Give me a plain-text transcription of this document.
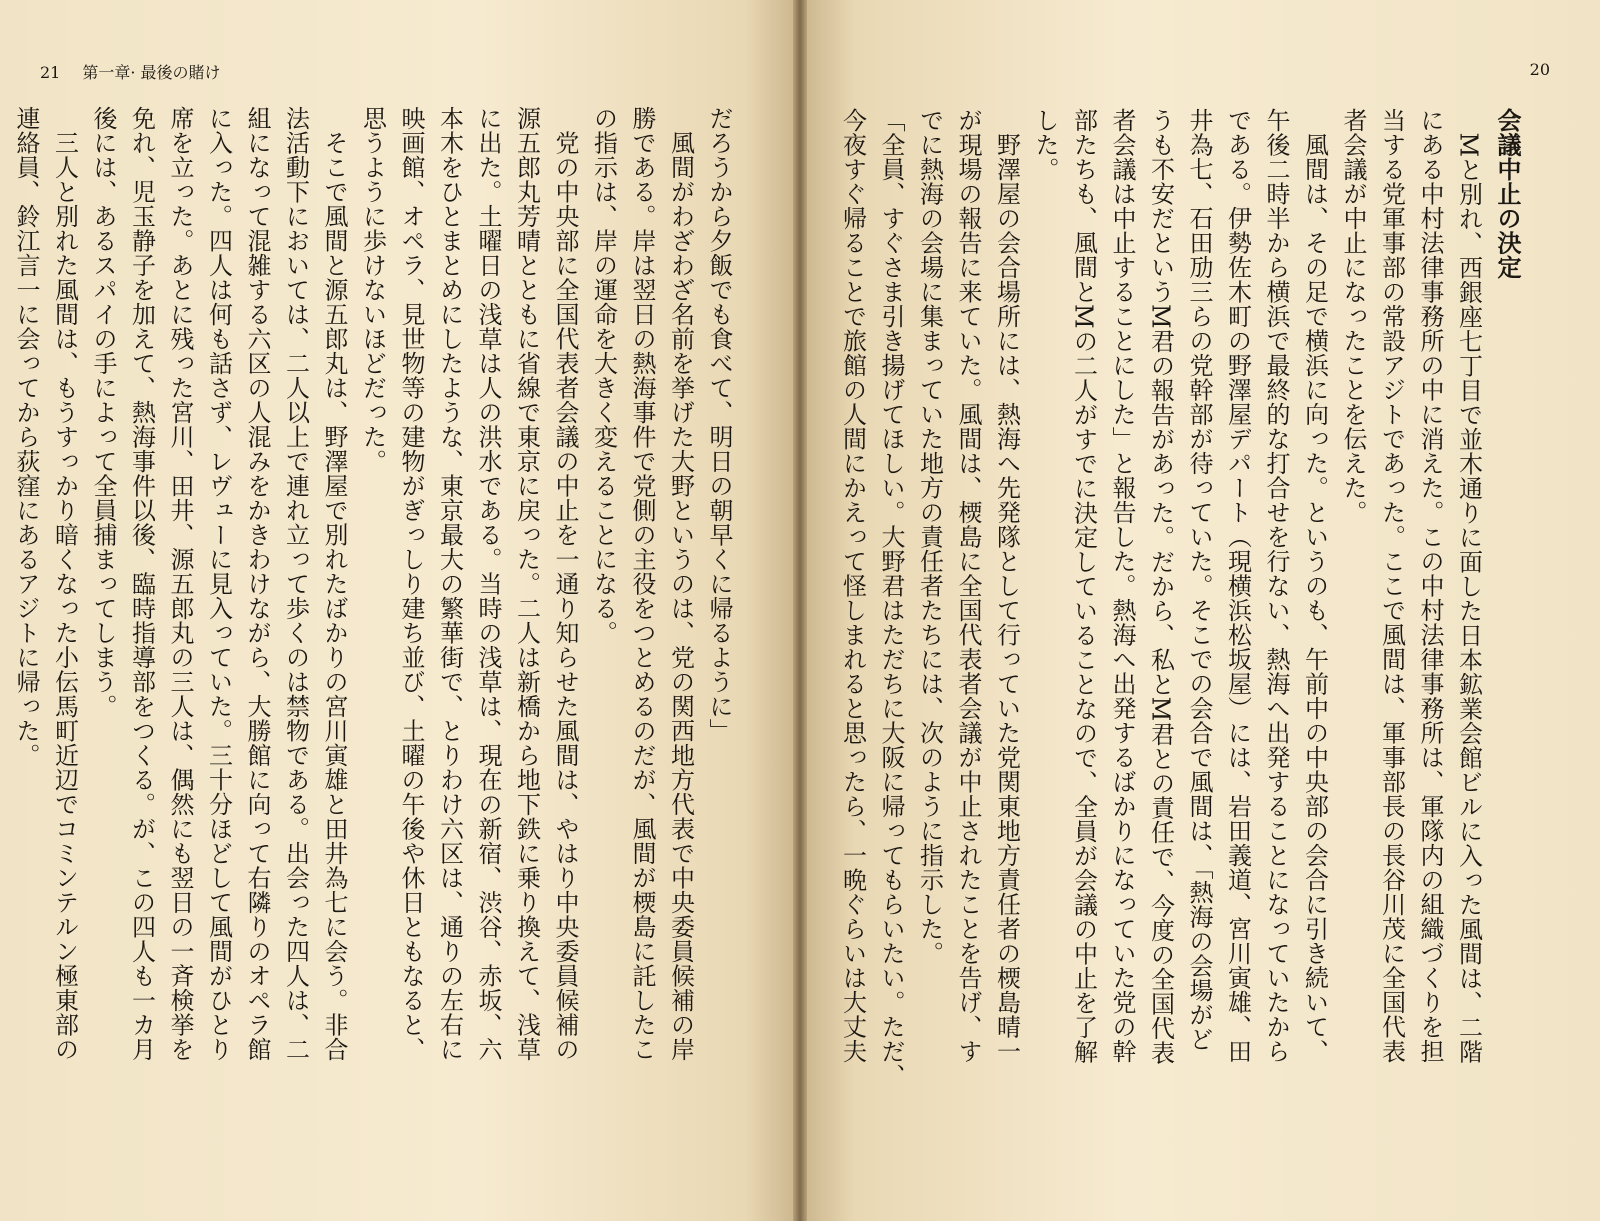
21 第一章· 最後の賭け
だろうから夕飯でも食べて、明日の朝早くに帰るように」
　風間がわざわざ名前を挙げた大野というのは、党の関西地方代表で中央委員候補の岸
勝である。岸は翌日の熱海事件で党側の主役をつとめるのだが、風間が樮島に託したこ
の指示は、岸の運命を大きく変えることになる。
　党の中央部に全国代表者会議の中止を一通り知らせた風間は、やはり中央委員候補の
源五郎丸芳晴とともに省線で東京に戻った。二人は新橋から地下鉄に乗り換えて、浅草
に出た。土曜日の浅草は人の洪水である。当時の浅草は、現在の新宿、渋谷、赤坂、六
本木をひとまとめにしたような、東京最大の繁華街で、とりわけ六区は、通りの左右に
映画館、オペラ、見世物等の建物がぎっしり建ち並び、土曜の午後や休日ともなると、
思うように歩けないほどだった。
　そこで風間と源五郎丸は、野澤屋で別れたばかりの宮川寅雄と田井為七に会う。非合
法活動下においては、二人以上で連れ立って歩くのは禁物である。出会った四人は、二
組になって混雑する六区の人混みをかきわけながら、大勝館に向って右隣りのオペラ館
に入った。四人は何も話さず、レヴューに見入っていた。三十分ほどして風間がひとり
席を立った。あとに残った宮川、田井、源五郎丸の三人は、偶然にも翌日の一斉検挙を
免れ、児玉静子を加えて、熱海事件以後、臨時指導部をつくる。が、この四人も一カ月
後には、あるスパイの手によって全員捕まってしまう。
　三人と別れた風間は、もうすっかり暗くなった小伝馬町近辺でコミンテルン極東部の
連絡員、鈴江言一に会ってから荻窪にあるアジトに帰った。
20
会議中止の決定
　Mと別れ、西銀座七丁目で並木通りに面した日本鉱業会館ビルに入った風間は、二階
にある中村法律事務所の中に消えた。この中村法律事務所は、軍隊内の組織づくりを担
当する党軍事部の常設アジトであった。ここで風間は、軍事部長の長谷川茂に全国代表
者会議が中止になったことを伝えた。
　風間は、その足で横浜に向った。というのも、午前中の中央部の会合に引き続いて、
午後二時半から横浜で最終的な打合せを行ない、熱海へ出発することになっていたから
である。伊勢佐木町の野澤屋デパート（現横浜松坂屋）には、岩田義道、宮川寅雄、田
井為七、石田劢三らの党幹部が待っていた。そこでの会合で風間は、「熱海の会場がど
うも不安だというM君の報告があった。だから、私とM君との責任で、今度の全国代表
者会議は中止することにした」と報告した。熱海へ出発するばかりになっていた党の幹
部たちも、風間とMの二人がすでに決定していることなので、全員が会議の中止を了解
した。
　野澤屋の会合場所には、熱海へ先発隊として行っていた党関東地方責任者の樮島晴一
が現場の報告に来ていた。風間は、樮島に全国代表者会議が中止されたことを告げ、す
でに熱海の会場に集まっていた地方の責任者たちには、次のように指示した。
「全員、すぐさま引き揚げてほしい。大野君はただちに大阪に帰ってもらいたい。ただ、
今夜すぐ帰ることで旅館の人間にかえって怪しまれると思ったら、一晩ぐらいは大丈夫
